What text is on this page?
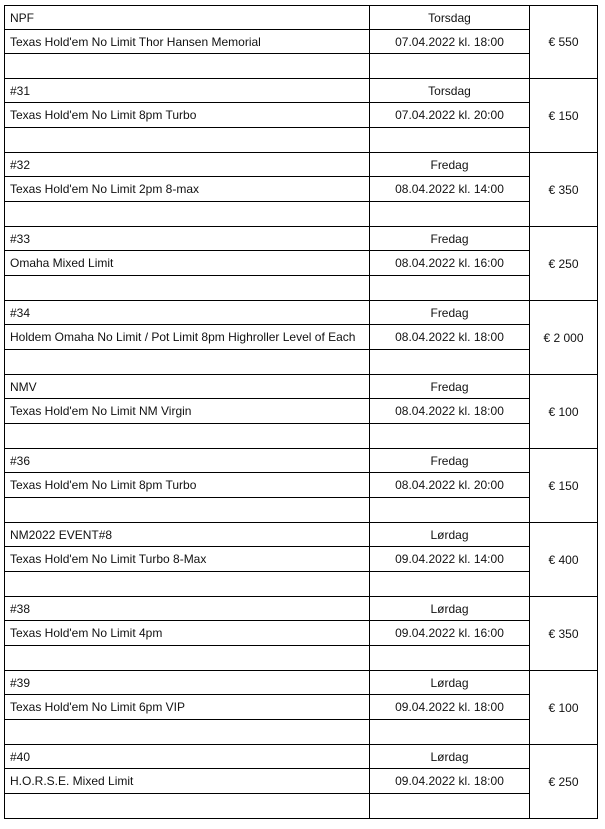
NPF
Texas Hold'em No Limit Thor Hansen Memorial
Torsdag
07.04.2022 kl. 18:00	€ 550
#31
Texas Hold'em No Limit 8pm Turbo
Torsdag
07.04.2022 kl. 20:00	€ 150
#32
Texas Hold'em No Limit 2pm 8-max
Fredag
08.04.2022 kl. 14:00	€ 350
#33
Omaha Mixed Limit
Fredag
08.04.2022 kl. 16:00	€ 250
#34
Holdem Omaha No Limit / Pot Limit 8pm Highroller Level of Each
Fredag
08.04.2022 kl. 18:00	€ 2 000
NMV
Texas Hold'em No Limit NM Virgin
Fredag
08.04.2022 kl. 18:00	€ 100
#36
Texas Hold'em No Limit 8pm Turbo
Fredag
08.04.2022 kl. 20:00	€ 150
NM2022 EVENT#8
Texas Hold'em No Limit Turbo 8-Max
Lørdag
09.04.2022 kl. 14:00	€ 400
#38
Texas Hold'em No Limit 4pm
Lørdag
09.04.2022 kl. 16:00	€ 350
#39
Texas Hold'em No Limit 6pm VIP
Lørdag
09.04.2022 kl. 18:00	€ 100
#40
H.O.R.S.E. Mixed Limit
Lørdag
09.04.2022 kl. 18:00	€ 250
